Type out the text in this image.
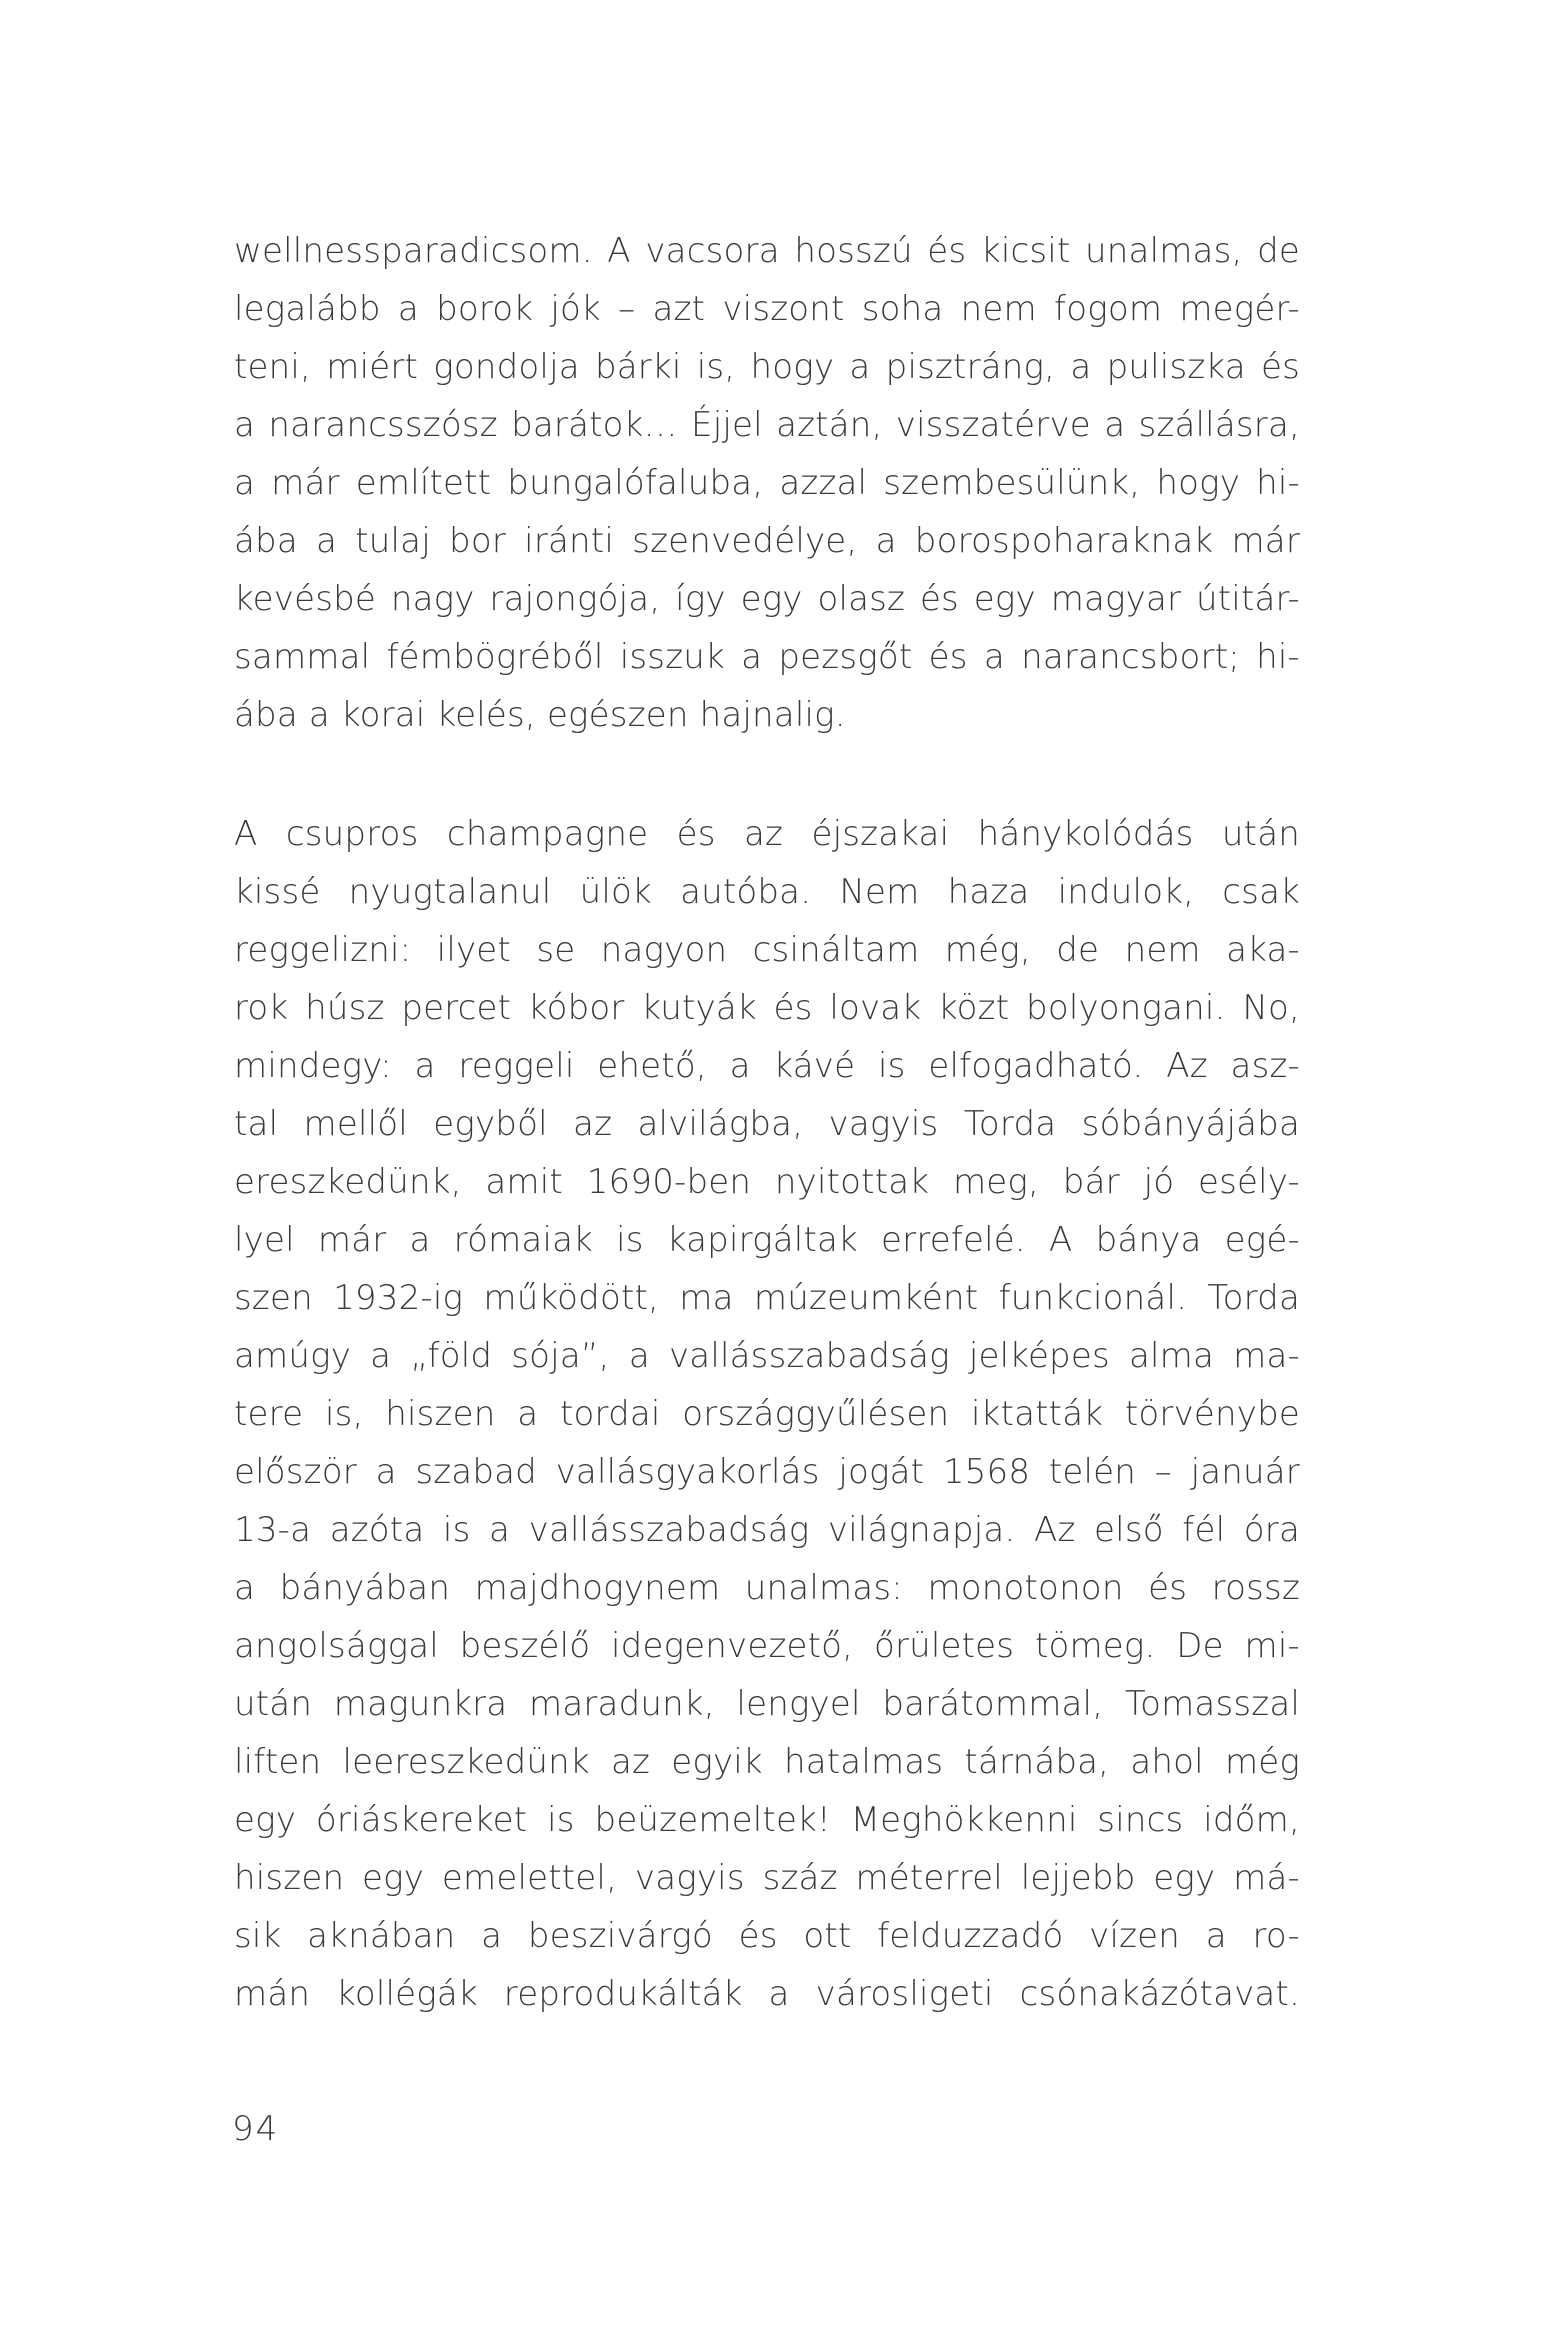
wellnessparadicsom. A vacsora hosszú és kicsit unalmas, de
legalább a borok jók – azt viszont soha nem fogom megér-
teni, miért gondolja bárki is, hogy a pisztráng, a puliszka és
a narancsszósz barátok… Éjjel aztán, visszatérve a szállásra,
a már említett bungalófaluba, azzal szembesülünk, hogy hi-
ába a tulaj bor iránti szenvedélye, a borospoharaknak már
kevésbé nagy rajongója, így egy olasz és egy magyar útitár-
sammal fémbögréből isszuk a pezsgőt és a narancsbort; hi-
ába a korai kelés, egészen hajnalig.
A csupros champagne és az éjszakai hánykolódás után
kissé nyugtalanul ülök autóba. Nem haza indulok, csak
reggelizni: ilyet se nagyon csináltam még, de nem aka-
rok húsz percet kóbor kutyák és lovak közt bolyongani. No,
mindegy: a reggeli ehető, a kávé is elfogadható. Az asz-
tal mellől egyből az alvilágba, vagyis Torda sóbányájába
ereszkedünk, amit 1690-ben nyitottak meg, bár jó esély-
lyel már a rómaiak is kapirgáltak errefelé. A bánya egé-
szen 1932-ig működött, ma múzeumként funkcionál. Torda
amúgy a „föld sója”, a vallásszabadság jelképes alma ma-
tere is, hiszen a tordai országgyűlésen iktatták törvénybe
először a szabad vallásgyakorlás jogát 1568 telén – január
13-a azóta is a vallásszabadság világnapja. Az első fél óra
a bányában majdhogynem unalmas: monotonon és rossz
angolsággal beszélő idegenvezető, őrületes tömeg. De mi-
után magunkra maradunk, lengyel barátommal, Tomasszal
liften leereszkedünk az egyik hatalmas tárnába, ahol még
egy óriáskereket is beüzemeltek! Meghökkenni sincs időm,
hiszen egy emelettel, vagyis száz méterrel lejjebb egy má-
sik aknában a beszivárgó és ott felduzzadó vízen a ro-
mán kollégák reprodukálták a városligeti csónakázótavat.
94
